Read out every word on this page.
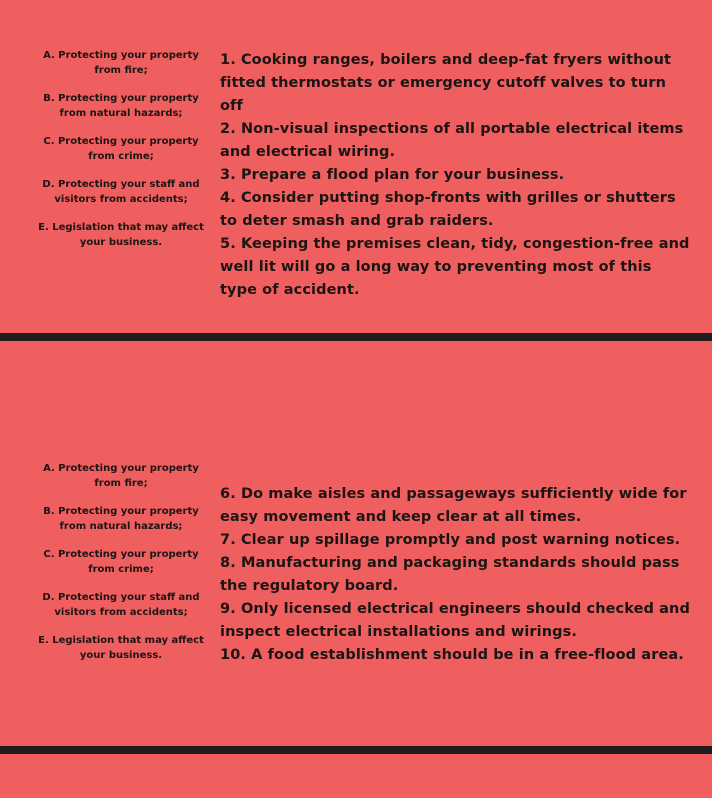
A. Protecting your property from fire;
B. Protecting your property from natural hazards;
C. Protecting your property from crime;
D. Protecting your staff and visitors from accidents;
E. Legislation that may affect your business.
1. Cooking ranges, boilers and deep-fat fryers without fitted thermostats or emergency cutoff valves to turn off
2. Non-visual inspections of all portable electrical items and electrical wiring.
3. Prepare a flood plan for your business.
4. Consider putting shop-fronts with grilles or shutters to deter smash and grab raiders.
5. Keeping the premises clean, tidy, congestion-free and well lit will go a long way to preventing most of this type of accident.
A. Protecting your property from fire;
B. Protecting your property from natural hazards;
C. Protecting your property from crime;
D. Protecting your staff and visitors from accidents;
E. Legislation that may affect your business.
6. Do make aisles and passageways sufficiently wide for easy movement and keep clear at all times.
7. Clear up spillage promptly and post warning notices.
8. Manufacturing and packaging standards should pass the regulatory board.
9. Only licensed electrical engineers should checked and inspect electrical installations and wirings.
10. A food establishment should be in a free-flood area.
